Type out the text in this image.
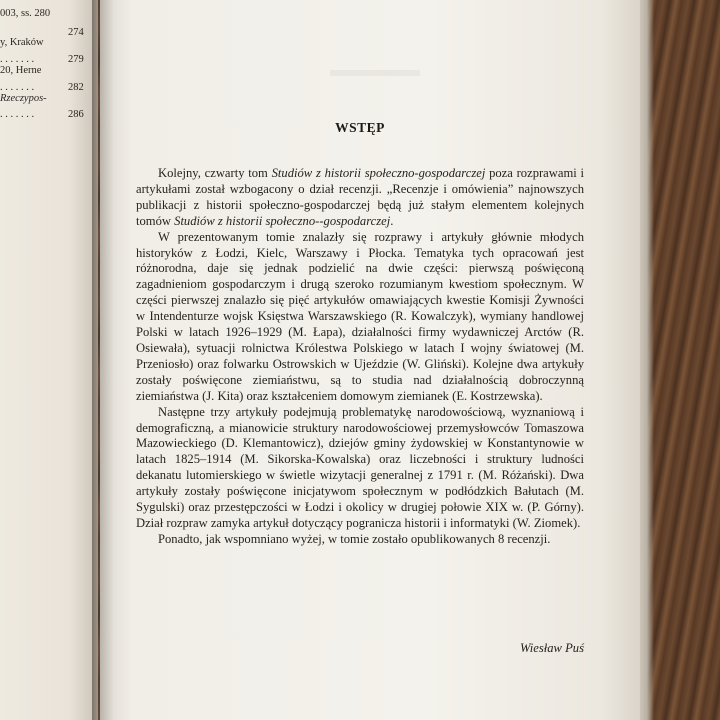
003, ss. 280
274
y, Kraków
. . . . . . .	279
20, Herne
. . . . . . .	282
Rzeczypos-
. . . . . . .	286
WSTĘP

Kolejny, czwarty tom Studiów z historii społeczno-gospodarczej poza rozprawami i artykułami został wzbogacony o dział recenzji. „Recenzje i omówienia” najnowszych publikacji z historii społeczno-gospodarczej będą już stałym elementem kolejnych tomów Studiów z historii społeczno--gospodarczej.

W prezentowanym tomie znalazły się rozprawy i artykuły głównie młodych historyków z Łodzi, Kielc, Warszawy i Płocka. Tematyka tych opracowań jest różnorodna, daje się jednak podzielić na dwie części: pierwszą poświęconą zagadnieniom gospodarczym i drugą szeroko rozumianym kwestiom społecznym. W części pierwszej znalazło się pięć artykułów omawiających kwestie Komisji Żywności w Intendenturze wojsk Księstwa Warszawskiego (R. Kowalczyk), wymiany handlowej Polski w latach 1926–1929 (M. Łapa), działalności firmy wydawniczej Arctów (R. Osiewała), sytuacji rolnictwa Królestwa Polskiego w latach I wojny światowej (M. Przeniosło) oraz folwarku Ostrowskich w Ujeździe (W. Gliński). Kolejne dwa artykuły zostały poświęcone ziemiaństwu, są to studia nad działalnością dobroczynną ziemiaństwa (J. Kita) oraz kształceniem domowym ziemianek (E. Kostrzewska).

Następne trzy artykuły podejmują problematykę narodowościową, wyznaniową i demograficzną, a mianowicie struktury narodowościowej przemysłowców Tomaszowa Mazowieckiego (D. Klemantowicz), dziejów gminy żydowskiej w Konstantynowie w latach 1825–1914 (M. Sikorska-Kowalska) oraz liczebności i struktury ludności dekanatu lutomierskiego w świetle wizytacji generalnej z 1791 r. (M. Różański). Dwa artykuły zostały poświęcone inicjatywom społecznym w podłódzkich Bałutach (M. Sygulski) oraz przestępczości w Łodzi i okolicy w drugiej połowie XIX w. (P. Górny). Dział rozpraw zamyka artykuł dotyczący pogranicza historii i informatyki (W. Ziomek).

Ponadto, jak wspomniano wyżej, w tomie zostało opublikowanych 8 recenzji.

Wiesław Puś
